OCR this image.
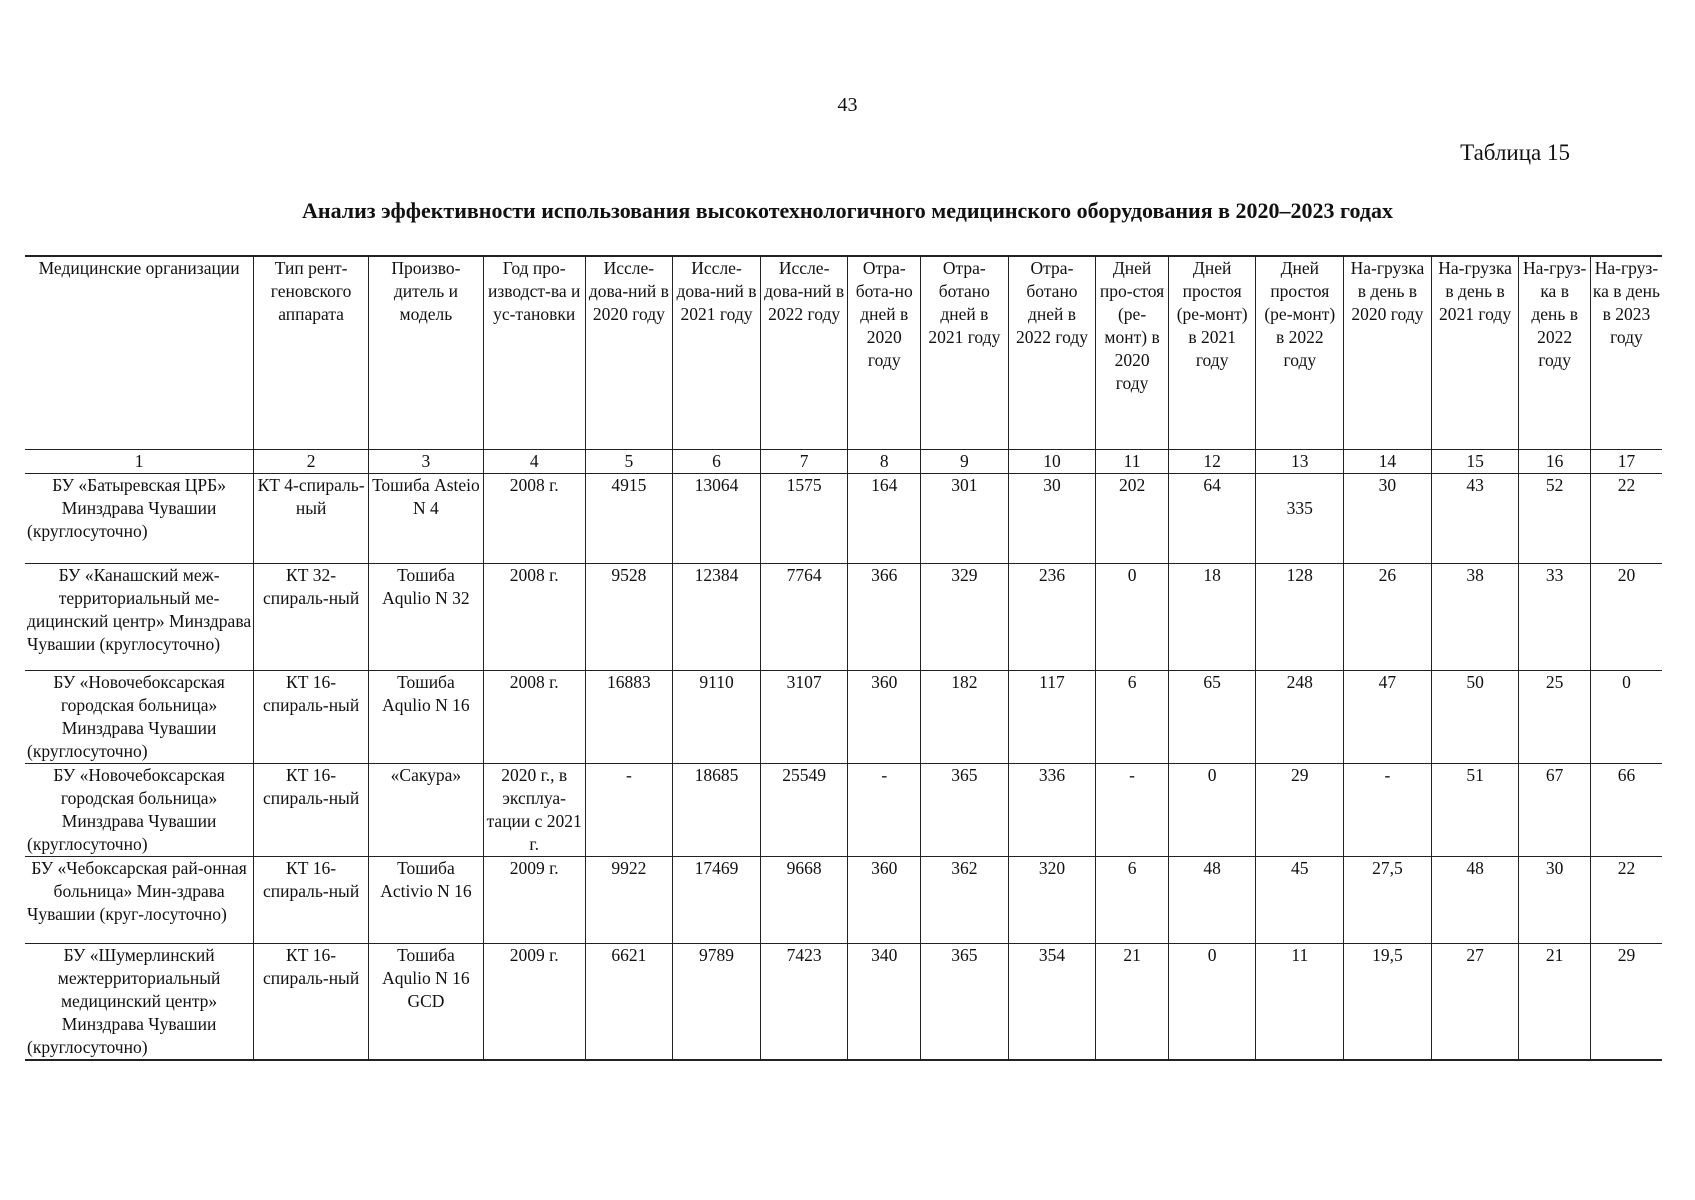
43
Таблица 15
Анализ эффективности использования высокотехнологичного медицинского оборудования в 2020–2023 годах
Медицинские организации	Тип рент-геновского аппарата	Произво-дитель и модель	Год про-изводст-ва и ус-тановки	Иссле-дова-ний в 2020 году	Иссле-дова-ний в 2021 году	Иссле-дова-ний в 2022 году	Отра-бота-но дней в 2020 году	Отра-ботано дней в 2021 году	Отра-ботано дней в 2022 году	Дней про-стоя (ре-монт) в 2020 году	Дней простоя (ре-монт) в 2021 году	Дней простоя (ре-монт) в 2022 году	На-грузка в день в 2020 году	На-грузка в день в 2021 году	На-груз-ка в день в 2022 году	На-груз-ка в день в 2023 году
1	2	3	4	5	6	7	8	9	10	11	12	13	14	15	16	17
БУ «Батыревская ЦРБ» Минздрава Чувашии (круглосуточно)	КТ 4-спираль-ный	Тошиба Asteio N 4	2008 г.	4915	13064	1575	164	301	30	202	64	335	30	43	52	22
БУ «Канашский меж-территориальный ме-дицинский центр» Минздрава Чувашии (круглосуточно)	КТ 32-спираль-ный	Тошиба Aqulio N 32	2008 г.	9528	12384	7764	366	329	236	0	18	128	26	38	33	20
БУ «Новочебоксарская городская больница» Минздрава Чувашии (круглосуточно)	КТ 16-спираль-ный	Тошиба Aqulio N 16	2008 г.	16883	9110	3107	360	182	117	6	65	248	47	50	25	0
БУ «Новочебоксарская городская больница» Минздрава Чувашии (круглосуточно)	КТ 16-спираль-ный	«Сакура»	2020 г., в эксплуа-тации с 2021 г.	-	18685	25549	-	365	336	-	0	29	-	51	67	66
БУ «Чебоксарская рай-онная больница» Мин-здрава Чувашии (круг-лосуточно)	КТ 16-спираль-ный	Тошиба Activio N 16	2009 г.	9922	17469	9668	360	362	320	6	48	45	27,5	48	30	22
БУ «Шумерлинский межтерриториальный медицинский центр» Минздрава Чувашии (круглосуточно)	КТ 16-спираль-ный	Тошиба Aqulio N 16 GCD	2009 г.	6621	9789	7423	340	365	354	21	0	11	19,5	27	21	29
